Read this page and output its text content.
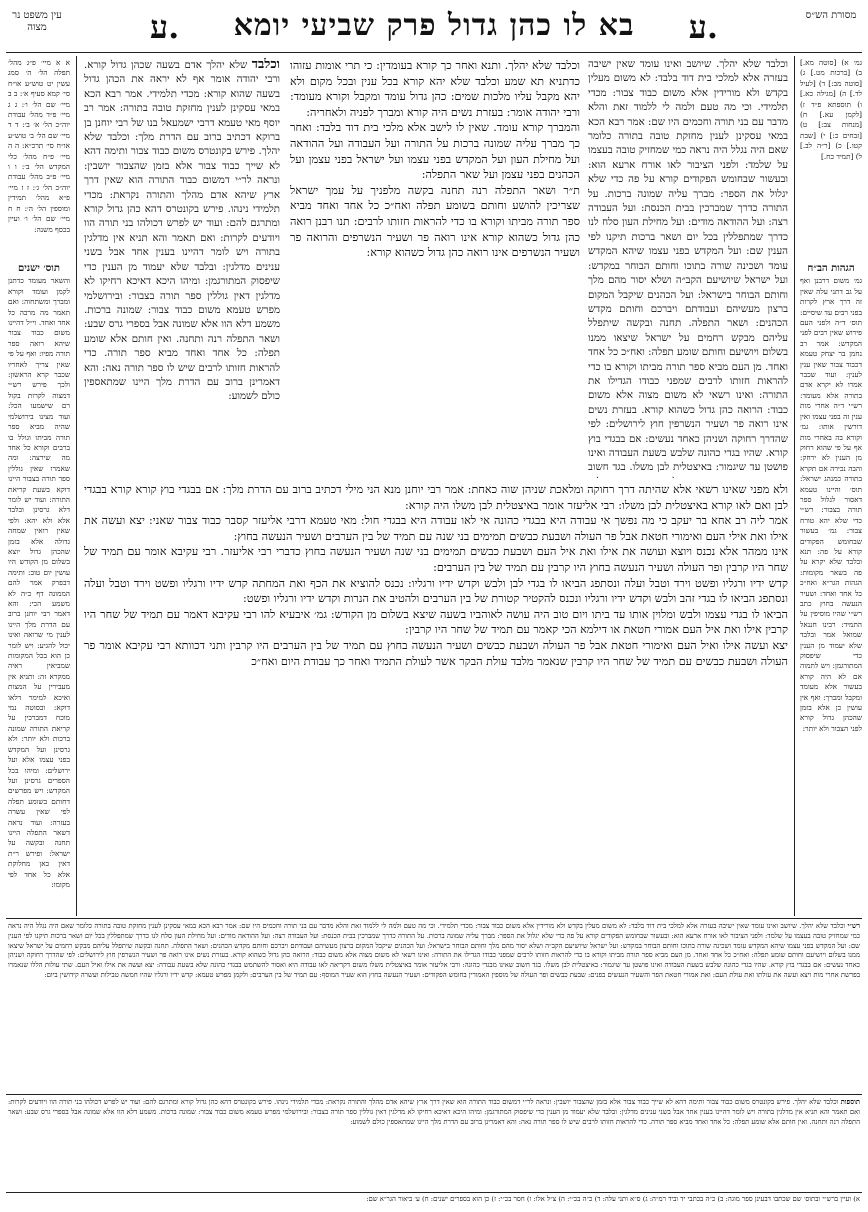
מסורת הש״ס
ע.
בא לו כהן גדול פרק שביעי יומא
ע.
עין משפט נר מצוה
גמ׳ א) [סוטה מא.] ב) [ברכות מט.] ג) [סוטה מב:] ד) [לעיל לד.] ה) [מגילה כא.] ו) תוספתא פ״ד ז) [לקמן עא.] ח) [מנחות צב:] ט) [זבחים כ:] י) [שבת קטו.] כ) [ר״ה לב.] ל) [תמיד כח.]
א א מיי׳ פ״ג מהל׳ תפלה הל׳ ה׳ סמג עשין יט טוש״ע או״ח סי׳ קמא סעיף א׳: ב ב מיי׳ שם הל׳ ו׳: ג ג מיי׳ פ״ד מהל׳ עבודת יוה״כ הל׳ א׳ ב׳: ד ד מיי׳ שם הל׳ ב׳ טוש״ע או״ח סי׳ תרכ״א: ה ה מיי׳ פ״ח מהל׳ כלי המקדש הל׳ ב׳: ו ו מיי׳ פ״ב מהל׳ עבודת יוה״כ הל׳ ג׳: ז ז מיי׳ פ״א מהל׳ תמידין ומוספין הל׳ ה׳: ח ח מיי׳ שם הל׳ ו׳ ועיין בכסף משנה:
הגהות הב״ח
גמ׳ משום דרבנן ואף על גב דתני עלה שאין זה דרך ארץ לקרות בפני רבים עד שיסיים: תוס׳ ד״ה ולפני העם פירוש שאין רבים לפני המקדש: אמר רב נחמן בר יצחק טעמא דכבוד צבור שאין ענין לענין: ועוד שכבר אמרו לא יקרא אדם בתורה אלא מעומד: רש״י ד״ה אחרי מות ענין זה בפני עצמו ואין דורשין אותו: גמ׳ וקורא בה באחרי מות אף על פי שהוא רחוק מן הענין לא ירחק: והבה נכירה אם תקרא בתורה כמנהג ישראל: תוס׳ והיינו טעמא דאסור לגלול ספר תורה בצבור: רש״י כדי שלא יהא טורח צבור: גמ׳ בעשור שבחומש הפקודים קורא על פה: תנא ובלבד שלא יקרא על פה בשאר מקומות: הגהות הגר״א ואח״כ כל אחד ואחד: ושעיר הנעשה בחוץ כתב רש״י שהיו מוסיפין על התמיד: רבינו חננאל שמואל אמר ובלבד שלא יעמוד מן הענין כדי שיפסוק המתורגמן: ויש לתמוה אם לא היה קורא בעשור אלא מעומד ומקבל ומברך: ואף אין עושין כן אלא בזמן שהכהן גדול קורא לפני הצבור ולא יותר:
תוס׳ ישנים
והשאר מעומד כדתנן לקמן ועומד וקורא ומברך ומשתחוה: ואם תאמר מה מרבה כל אחד ואחד. וי״ל דהיינו משום כבוד צבור שיהא רואה ספר תורה מפיו: ואף על פי שאין צריך לאחריו שכבר קרא הראשון: ולכך פירש רש״י דמצוה לקרות בקול רם שישמעו הכל: ועוד מצינו בירושלמי שהיה מביא ספר תורה מביתו וגולל בו ברבים וקורא כל אחד מה שירצה: ומה שאמרו שאין גוללין ספר תורה בצבור היינו דוקא בשעת קריאת התורה: ועוד יש לומר דלא גרסינן ובלבד אלא ולא יהא: ולפי שאין רואין שמחה גדולה אלא בזמן שהכהן גדול יוצא בשלום מן הקודש היו עושין יום טוב: ותימה דבפרק אמר להם הממונה דף כ״ה לא משמע הכי: והא דאמר רבי יוחנן ברוב עם הדרת מלך היינו לענין מי שרואה ואינו יכול להגיע: ויש לומר כן הוא בכל המקומות שמביאין ראיה ממקרא זה: ותניא אין מעבירין על המצות ואיכא למימר דלאו דוקא: ובסוטה נמי מוכח דמברכין על קריאת התורה שמונה ברכות ולא יותר: ולא גרסינן ועל המקדש בפני עצמו אלא ועל ירושלים: ומיהו בכל הספרים גרסינן ועל המקדש: ויש מפרשים דחותם בשומע תפלה לפי שאין עשרה בעזרה: ועוד נראה דשאר התפלה היינו תחנה ובקשה על ישראל: ופירש ר״ת דאין כאן מחלוקת אלא כל אחד לפי מקומו:
וכלבד שלא יהלך אדם בשעה שכהן גדול קורא. ורבי יהודה אומר אף לא יראה את הכהן גדול בשעה שהוא קורא: מכדי תלמידי. אמר רבא הכא במאי עסקינן לענין מחזקת טובה בתורה: אמר רב יוסף מאי טעמא דרבי ישמעאל בנו של רבי יוחנן בן ברוקא דכתיב ברוב עם הדרת מלך: וכלבד שלא יהלך. פירש בקונטרס משום כבוד צבור ותימה דהא לא שייך כבוד צבור אלא בזמן שהצבור יושבין: ונראה לר״י דמשום כבוד התורה הוא שאין דרך ארץ שיהא אדם מהלך והתורה נקראת: מכדי תלמידי נינהו. פירש בקונטרס דהא כהן גדול קורא ומתרגם להם: ועוד יש לפרש דכולהו בני תורה הוו ויודעים לקרות: ואם תאמר והא תניא אין מדלגין בתורה ויש לומר דהיינו בענין אחד אבל בשני ענינים מדלגין: ובלבד שלא יעמוד מן הענין כדי שיפסוק המתורגמן: ומיהו היכא דאיכא רחיקו לא מדלגין דאין גוללין ספר תורה בצבור: ובירושלמי מפרש טעמא משום כבוד צבור: שמונה ברכות. משמע דלא הוו אלא שמונה אבל בספרי גרס שבע: ושאר התפלה רנה ותחנה. ואין חותם אלא שומע תפלה: כל אחד ואחד מביא ספר תורה. כדי להראות חזותו לרבים שיש לו ספר תורה נאה: והא דאמרינן ברוב עם הדרת מלך היינו שמתאספין כולם לשמוע:
וכלבד שלא יהלך. שיושב ואינו עומד שאין ישיבה בעזרה אלא למלכי בית דוד בלבד: לא משום מעלין בקדש ולא מורידין אלא משום כבוד צבור: מכדי תלמידי. וכי מה טעם ולמה לי ללמוד זאת והלא מדבר עם בני תורה וחכמים היו שם: אמר רבא הכא במאי עסקינן לענין מחזקת טובה בתורה כלומר שאם היה נגלל היה נראה כמי שמחזיק טובה בעצמו על שלמד: ולפני הציבור לאו אורח ארעא הוא: ובעשור שבחומש הפקודים קורא על פה כדי שלא יגלול את הספר: מברך עליה שמונה ברכות. על התורה כדרך שמברכין בבית הכנסת: ועל העבודה רצה: ועל ההודאה מודים: ועל מחילת העון סלח לנו כדרך שמתפללין בכל יום ושאר ברכות תיקנו לפי הענין שם: ועל המקדש בפני עצמו שיהא המקדש עומד ושכינה שורה בתוכו וחותם הבוחר במקדש: ועל ישראל שיושיעם הקב״ה ושלא יסור מהם מלך וחותם הבוחר בישראל: ועל הכהנים שיקבל המקום ברצון מעשיהם ועבודתם ויברכם וחותם מקדש הכהנים: ושאר התפלה. תחנה ובקשה שיתפלל עליהם מבקש רחמים על ישראל שיצאו ממנו בשלום ויושיעם וחותם שומע תפלה: ואח״כ כל אחד ואחד. מן העם מביא ספר תורה מביתו וקורא בו כדי להראות חזותו לרבים שמפני כבודו הגדילו את התורה: ואינו רשאי לא משום מצוה אלא משום כבוד: הרואה כהן גדול כשהוא קורא. בעזרת נשים אינו רואה פר ושעיר הנשרפין חוץ לירושלים: לפי שהדרך רחוקה ושניהן כאחד נעשים: אם בבגדי בוץ קורא. שהיו בגדי כהונה שלבש בשעת העבודה ואינו פושטן עד שיגמור: באיצטלית לבן משלו. בגד חשוב
וכלבד שלא יהלך. ותנא ואחר כך קורא בעומדין: כי תרי אומות עזוהו כדתניא תא שמע וכלבד שלא יהא קורא בכל ענין ובכל מקום ולא יהא מקבל עליו מלכות שמים: כהן גדול עומד ומקבל וקורא מעומד: ורבי יהודה אומר: בעזרת נשים היה קורא ומברך לפניה ולאחריה:
והמברך קורא עומד. שאין לו לישב אלא מלכי בית דוד בלבד: ואחר כך מברך עליה שמונה ברכות על התורה ועל העבודה ועל ההודאה ועל מחילת העון ועל המקדש בפני עצמו ועל ישראל בפני עצמן ועל הכהנים בפני עצמן ועל שאר התפלה:
ת״ר ושאר התפלה רנה תחנה בקשה מלפניך על עמך ישראל שצריכין להושע וחותם בשומע תפלה ואח״כ כל אחד ואחד מביא ספר תורה מביתו וקורא בו כדי להראות חזותו לרבים: תנו רבנן רואה כהן גדול כשהוא קורא אינו רואה פר ושעיר הנשרפים והרואה פר ושעיר הנשרפים אינו רואה כהן גדול כשהוא קורא:
ולא מפני שאינו רשאי אלא שהיתה דרך רחוקה ומלאכת שניהן שוה כאחת: אמר רבי יוחנן מנא הני מילי דכתיב ברוב עם הדרת מלך: אם בבגדי בוץ קורא קורא בבגדי לבן ואם לאו קורא באיצטלית לבן משלו: רבי אליעזר אומר באיצטלית לבן משלו היה קורא:
אמר ליה רב אחא בר יעקב כי מה נפשך אי עבודה היא בבגדי כהונה אי לאו עבודה היא בבגדי חול: מאי טעמא דרבי אליעזר קסבר כבוד צבור שאני: יצא ועשה את אילו ואת אילי העם ואימורי חטאת אבל פר העולה ושבעת כבשים תמימים בני שנה עם תמיד של בין הערבים ושעיר הנעשה בחוץ:
אינו ממהר אלא נכנס ויוצא ועושה את אילו ואת איל העם ושבעת כבשים תמימים בני שנה ושעיר הנעשה בחוץ כדברי רבי אליעזר. רבי עקיבא אומר עם תמיד של שחר היו קרבין ופר העולה ושעיר הנעשה בחוץ היו קרבין עם תמיד של בין הערבים:
קדש ידיו ורגליו ופשט וירד וטבל ועלה ונסתפג הביאו לו בגדי לבן ולבש וקדש ידיו ורגליו: נכנס להוציא את הכף ואת המחתה קדש ידיו ורגליו ופשט וירד וטבל ועלה ונסתפג הביאו לו בגדי זהב ולבש וקדש ידיו ורגליו ונכנס להקטיר קטורת של בין הערבים ולהטיב את הנרות וקדש ידיו ורגליו ופשט:
הביאו לו בגדי עצמו ולבש ומלוין אותו עד ביתו ויום טוב היה עושה לאוהביו בשעה שיצא בשלום מן הקודש: גמ׳ איבעיא להו רבי עקיבא דאמר עם תמיד של שחר היו קרבין אילו ואת איל העם אמורי חטאת או דילמא הכי קאמר עם תמיד של שחר היו קרבין:
יצא ועשה אילו ואיל העם ואימורי חטאת אבל פר העולה ושבעת כבשים ושעיר הנעשה בחוץ עם תמיד של בין הערבים היו קרבין ותני דכוותא רבי עקיבא אומר פר העולה ושבעת כבשים עם תמיד של שחר היו קרבין שנאמר מלבד עולת הבקר אשר לעולת התמיד ואחר כך עבודת היום ואח״כ
רש״י וכלבד שלא יהלך. שיושב ואינו עומד שאין ישיבה בעזרה אלא למלכי בית דוד בלבד: לא משום מעלין בקדש ולא מורידין אלא משום כבוד צבור: מכדי תלמידי. וכי מה טעם ולמה לי ללמוד זאת והלא מדבר עם בני תורה וחכמים היו שם: אמר רבא הכא במאי עסקינן לענין מחזקת טובה בתורה כלומר שאם היה נגלל היה נראה כמי שמחזיק טובה בעצמו על שלמד: ולפני הציבור לאו אורח ארעא הוא: ובעשור שבחומש הפקודים קורא על פה כדי שלא יגלול את הספר: מברך עליה שמונה ברכות. על התורה כדרך שמברכין בבית הכנסת: ועל העבודה רצה: ועל ההודאה מודים: ועל מחילת העון סלח לנו כדרך שמתפללין בכל יום ושאר ברכות תיקנו לפי הענין שם: ועל המקדש בפני עצמו שיהא המקדש עומד ושכינה שורה בתוכו וחותם הבוחר במקדש: ועל ישראל שיושיעם הקב״ה ושלא יסור מהם מלך וחותם הבוחר בישראל: ועל הכהנים שיקבל המקום ברצון מעשיהם ועבודתם ויברכם וחותם מקדש הכהנים: ושאר התפלה. תחנה ובקשה שיתפלל עליהם מבקש רחמים על ישראל שיצאו ממנו בשלום ויושיעם וחותם שומע תפלה: ואח״כ כל אחד ואחד. מן העם מביא ספר תורה מביתו וקורא בו כדי להראות חזותו לרבים שמפני כבודו הגדילו את התורה: ואינו רשאי לא משום מצוה אלא משום כבוד: הרואה כהן גדול כשהוא קורא. בעזרת נשים אינו רואה פר ושעיר הנשרפין חוץ לירושלים: לפי שהדרך רחוקה ושניהן כאחד נעשים: אם בבגדי בוץ קורא. שהיו בגדי כהונה שלבש בשעת העבודה ואינו פושטן עד שיגמור: באיצטלית לבן משלו. בגד חשוב שאינו מבגדי כהונה: ורבי אליעזר אומר באיצטלית משלו משום דקריאה לאו עבודה היא ואסור להשתמש בבגדי כהונה שלא בשעת עבודה: יצא ועשה את אילו ואיל העם. שתי עולות הללו שנאמרו בפרשת אחרי מות ויצא ועשה את עולתו ואת עולת העם: ואת אמורי חטאת הפר והשעיר הנעשים בפנים: שבעת כבשים ופר העולה של מוספין האמורין בחומש הפקודים: ושעיר הנעשה בחוץ הוא שעיר המוסף: עם תמיד של בין הערבים: ולקמן מפרש טעמא: קדש ידיו ורגליו שהיו חמשה טבילות ועשרה קידושין ביום:
תוספות וכלבד שלא יהלך. פירש בקונטרס משום כבוד צבור ותימה דהא לא שייך כבוד צבור אלא בזמן שהצבור יושבין: ונראה לר״י דמשום כבוד התורה הוא שאין דרך ארץ שיהא אדם מהלך והתורה נקראת: מכדי תלמידי נינהו. פירש בקונטרס דהא כהן גדול קורא ומתרגם להם: ועוד יש לפרש דכולהו בני תורה הוו ויודעים לקרות: ואם תאמר והא תניא אין מדלגין בתורה ויש לומר דהיינו בענין אחד אבל בשני ענינים מדלגין: ובלבד שלא יעמוד מן הענין כדי שיפסוק המתורגמן: ומיהו היכא דאיכא רחיקו לא מדלגין דאין גוללין ספר תורה בצבור: ובירושלמי מפרש טעמא משום כבוד צבור: שמונה ברכות. משמע דלא הוו אלא שמונה אבל בספרי גרס שבע: ושאר התפלה רנה ותחנה. ואין חותם אלא שומע תפלה: כל אחד ואחד מביא ספר תורה. כדי להראות חזותו לרבים שיש לו ספר תורה נאה: והא דאמרינן ברוב עם הדרת מלך היינו שמתאספין כולם לשמוע:
א) ועיין ברש״י ובתוס׳ שם שכתבו דבעינן ספר מוגה: ב) כ״ה בכתבי יד וביד רמ״ה: ג) ס״א ותני עלה: ד) כ״ה בכ״י: ה) צ״ל אלו: ו) חסר בכ״י: ז) כן הוא בספרים ישנים: ח) ע׳ ביאור הגר״א שם:
